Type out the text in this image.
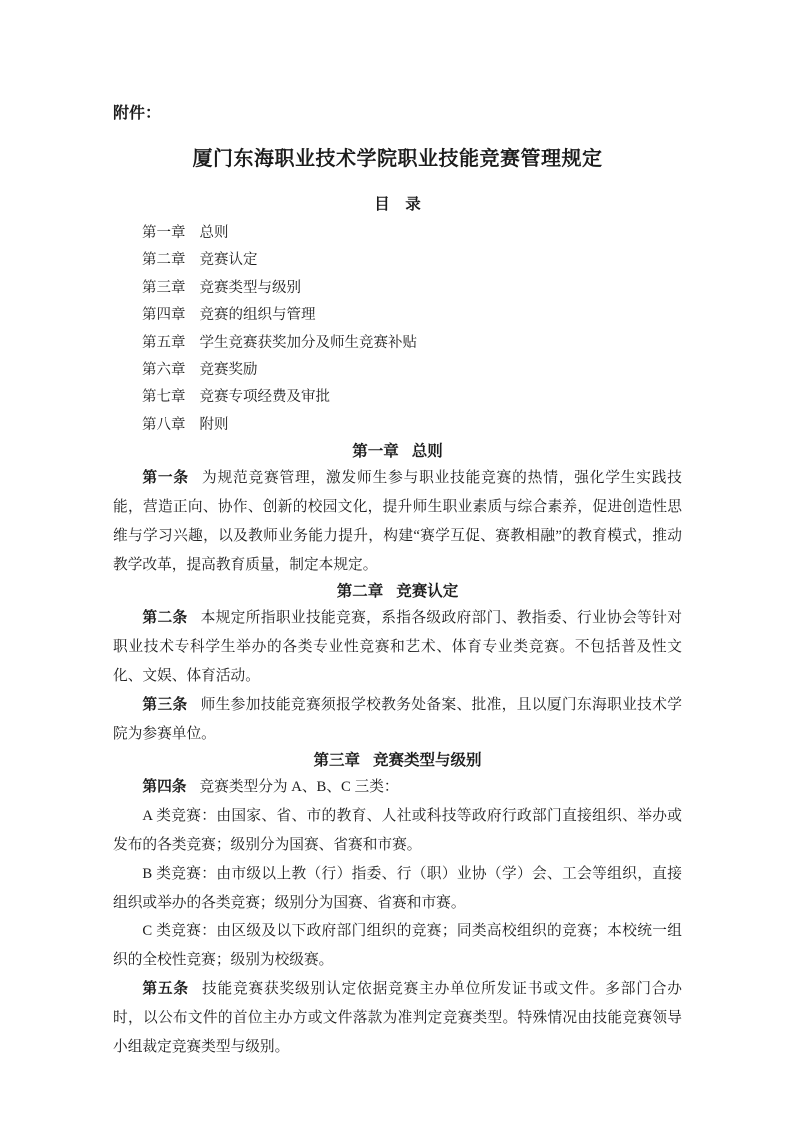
附件：
厦门东海职业技术学院职业技能竞赛管理规定
目　录
第一章 总则
第二章 竞赛认定
第三章 竞赛类型与级别
第四章 竞赛的组织与管理
第五章 学生竞赛获奖加分及师生竞赛补贴
第六章 竞赛奖励
第七章 竞赛专项经费及审批
第八章 附则

第一章 总则

第一条 为规范竞赛管理，激发师生参与职业技能竞赛的热情，强化学生实践技能，营造正向、协作、创新的校园文化，提升师生职业素质与综合素养，促进创造性思维与学习兴趣，以及教师业务能力提升，构建“赛学互促、赛教相融”的教育模式，推动教学改革，提高教育质量，制定本规定。

第二章 竞赛认定

第二条 本规定所指职业技能竞赛，系指各级政府部门、教指委、行业协会等针对职业技术专科学生举办的各类专业性竞赛和艺术、体育专业类竞赛。不包括普及性文化、文娱、体育活动。

第三条 师生参加技能竞赛须报学校教务处备案、批准，且以厦门东海职业技术学院为参赛单位。

第三章 竞赛类型与级别

第四条 竞赛类型分为 A、B、C 三类：

A 类竞赛：由国家、省、市的教育、人社或科技等政府行政部门直接组织、举办或发布的各类竞赛；级别分为国赛、省赛和市赛。

B 类竞赛：由市级以上教（行）指委、行（职）业协（学）会、工会等组织，直接组织或举办的各类竞赛；级别分为国赛、省赛和市赛。

C 类竞赛：由区级及以下政府部门组织的竞赛；同类高校组织的竞赛；本校统一组织的全校性竞赛；级别为校级赛。

第五条 技能竞赛获奖级别认定依据竞赛主办单位所发证书或文件。多部门合办时，以公布文件的首位主办方或文件落款为准判定竞赛类型。特殊情况由技能竞赛领导小组裁定竞赛类型与级别。
